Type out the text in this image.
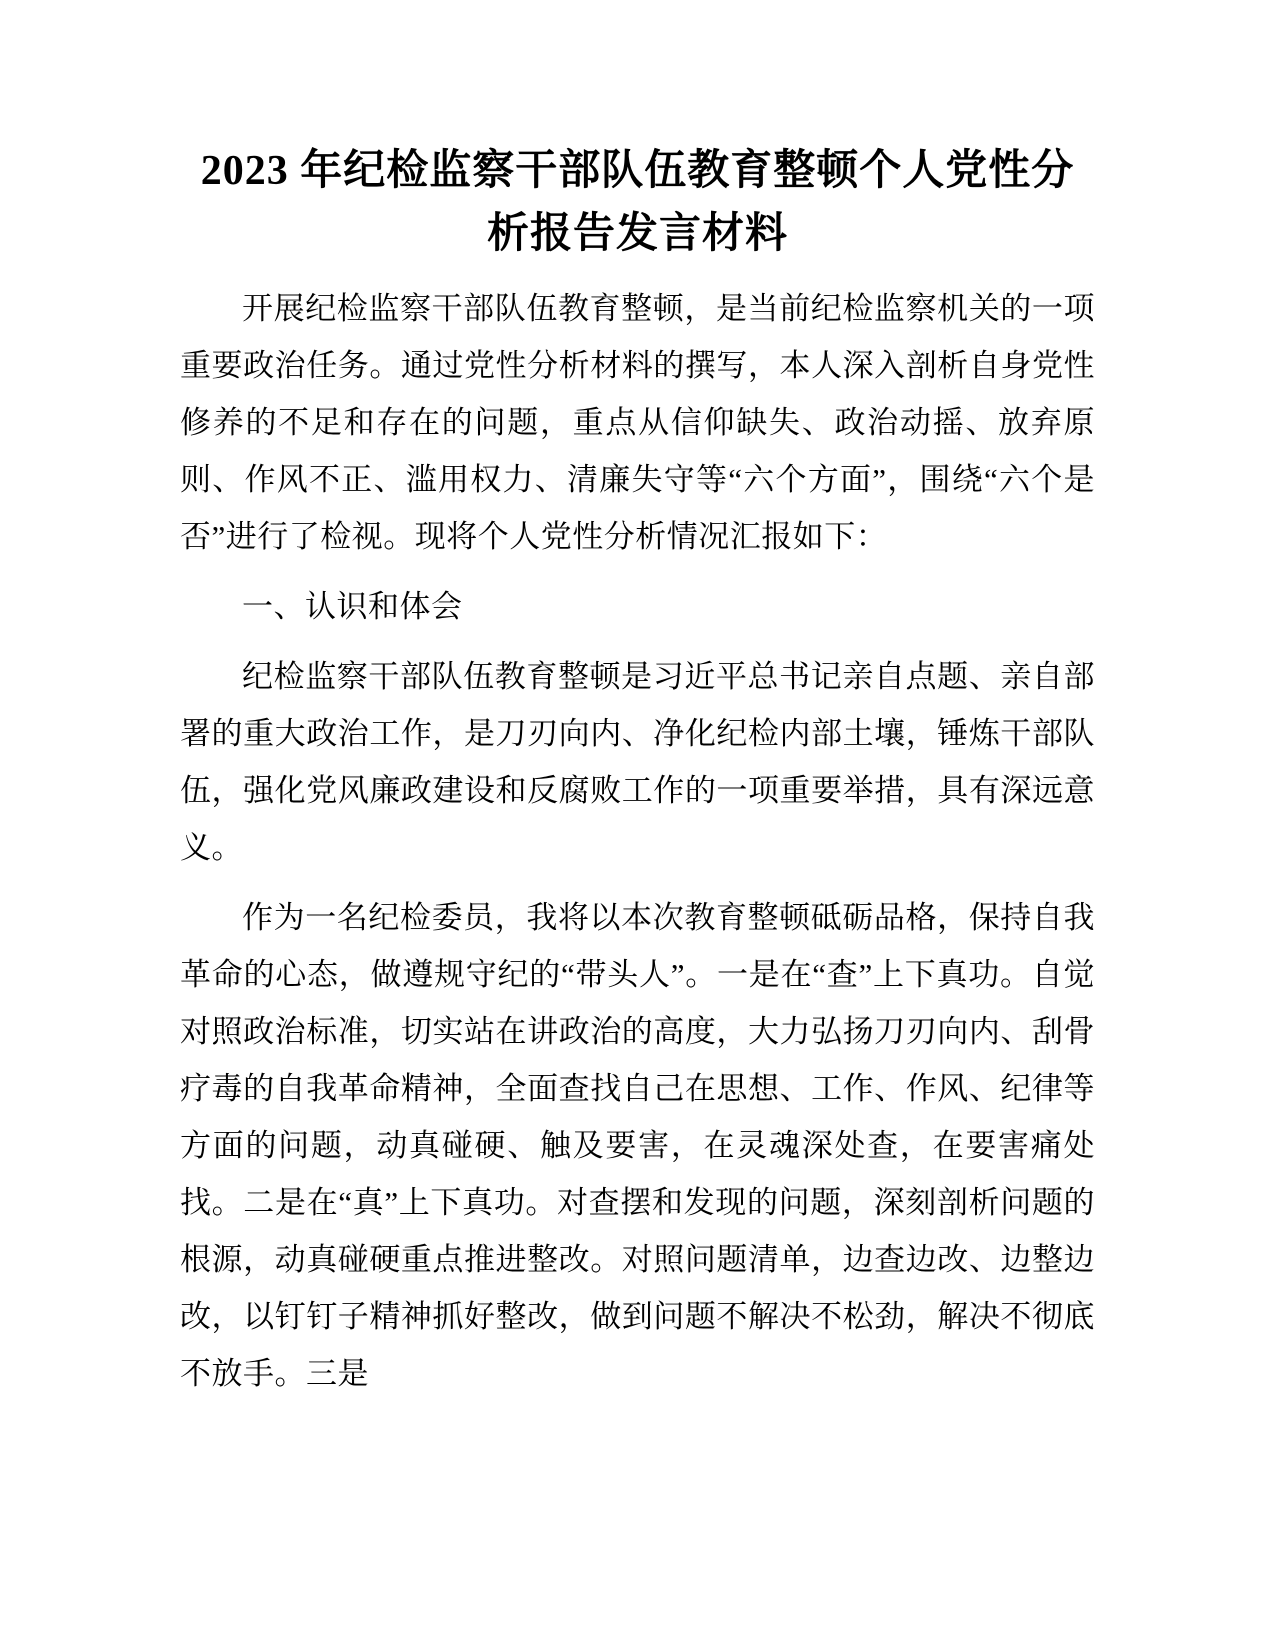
2023 年纪检监察干部队伍教育整顿个人党性分析报告发言材料

开展纪检监察干部队伍教育整顿，是当前纪检监察机关的一项重要政治任务。通过党性分析材料的撰写，本人深入剖析自身党性修养的不足和存在的问题，重点从信仰缺失、政治动摇、放弃原则、作风不正、滥用权力、清廉失守等“六个方面”，围绕“六个是否”进行了检视。现将个人党性分析情况汇报如下：

一、认识和体会

纪检监察干部队伍教育整顿是习近平总书记亲自点题、亲自部署的重大政治工作，是刀刃向内、净化纪检内部土壤，锤炼干部队伍，强化党风廉政建设和反腐败工作的一项重要举措，具有深远意义。

作为一名纪检委员，我将以本次教育整顿砥砺品格，保持自我革命的心态，做遵规守纪的“带头人”。一是在“查”上下真功。自觉对照政治标准，切实站在讲政治的高度，大力弘扬刀刃向内、刮骨疗毒的自我革命精神，全面查找自己在思想、工作、作风、纪律等方面的问题，动真碰硬、触及要害，在灵魂深处查，在要害痛处找。二是在“真”上下真功。对查摆和发现的问题，深刻剖析问题的根源，动真碰硬重点推进整改。对照问题清单，边查边改、边整边改，以钉钉子精神抓好整改，做到问题不解决不松劲，解决不彻底不放手。三是
